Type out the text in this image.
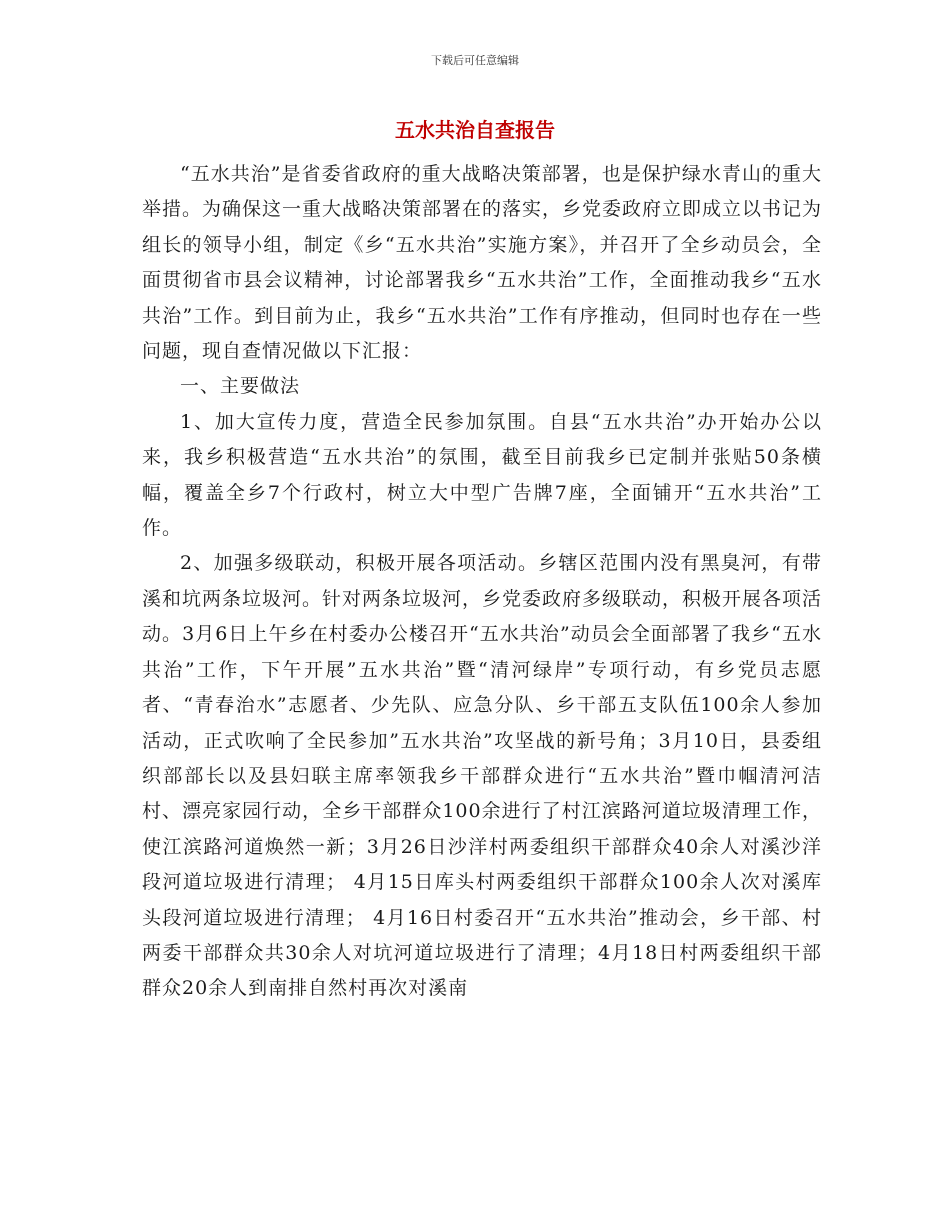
下载后可任意编辑
五水共治自查报告

“五水共治”是省委省政府的重大战略决策部署，也是保护绿水青山的重大举措。为确保这一重大战略决策部署在的落实，乡党委政府立即成立以书记为组长的领导小组，制定《乡“五水共治”实施方案》，并召开了全乡动员会，全面贯彻省市县会议精神，讨论部署我乡“五水共治”工作，全面推动我乡“五水共治”工作。到目前为止，我乡“五水共治”工作有序推动，但同时也存在一些问题，现自查情况做以下汇报：

一、主要做法

1、加大宣传力度，营造全民参加氛围。自县“五水共治”办开始办公以来，我乡积极营造“五水共治”的氛围，截至目前我乡已定制并张贴50条横幅，覆盖全乡7个行政村，树立大中型广告牌7座，全面铺开“五水共治”工作。

2、加强多级联动，积极开展各项活动。乡辖区范围内没有黑臭河，有带溪和坑两条垃圾河。针对两条垃圾河，乡党委政府多级联动，积极开展各项活动。3月6日上午乡在村委办公楼召开“五水共治”动员会全面部署了我乡“五水共治”工作，下午开展”五水共治”暨“清河绿岸”专项行动，有乡党员志愿者、“青春治水”志愿者、少先队、应急分队、乡干部五支队伍100余人参加活动，正式吹响了全民参加”五水共治”攻坚战的新号角；3月10日，县委组织部部长以及县妇联主席率领我乡干部群众进行“五水共治”暨巾帼清河洁村、漂亮家园行动，全乡干部群众100余进行了村江滨路河道垃圾清理工作，使江滨路河道焕然一新；3月26日沙洋村两委组织干部群众40余人对溪沙洋段河道垃圾进行清理； 4月15日库头村两委组织干部群众100余人次对溪库头段河道垃圾进行清理； 4月16日村委召开“五水共治”推动会，乡干部、村两委干部群众共30余人对坑河道垃圾进行了清理；4月18日村两委组织干部群众20余人到南排自然村再次对溪南
